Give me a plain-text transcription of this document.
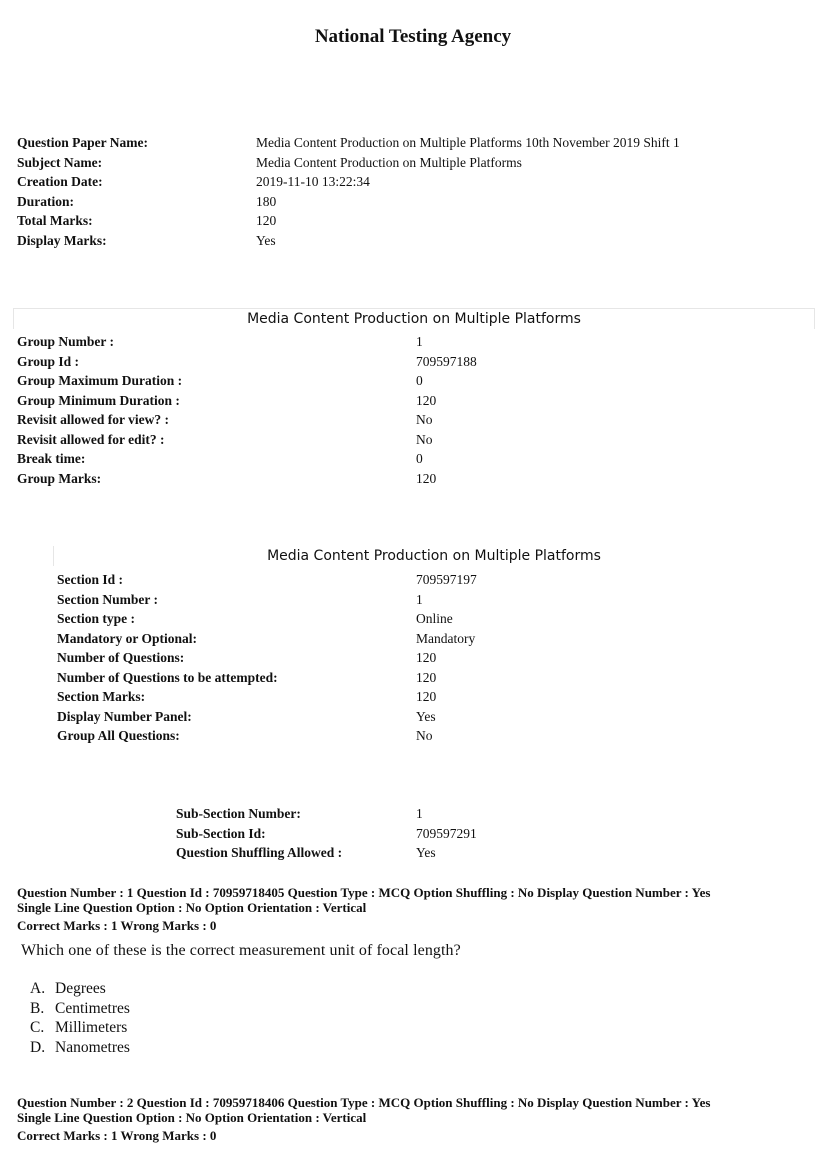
National Testing Agency
Question Paper Name:	Media Content Production on Multiple Platforms 10th November 2019 Shift 1
Subject Name:	Media Content Production on Multiple Platforms
Creation Date:	2019-11-10 13:22:34
Duration:	180
Total Marks:	120
Display Marks:	Yes
Media Content Production on Multiple Platforms
Group Number :	1
Group Id :	709597188
Group Maximum Duration :	0
Group Minimum Duration :	120
Revisit allowed for view? :	No
Revisit allowed for edit? :	No
Break time:	0
Group Marks:	120
Media Content Production on Multiple Platforms
Section Id :	709597197
Section Number :	1
Section type :	Online
Mandatory or Optional:	Mandatory
Number of Questions:	120
Number of Questions to be attempted:	120
Section Marks:	120
Display Number Panel:	Yes
Group All Questions:	No
Sub-Section Number:	1
Sub-Section Id:	709597291
Question Shuffling Allowed :	Yes
Question Number : 1 Question Id : 70959718405 Question Type : MCQ Option Shuffling : No Display Question Number : Yes
Single Line Question Option : No Option Orientation : Vertical
Correct Marks : 1 Wrong Marks : 0
Which one of these is the correct measurement unit of focal length?
A. Degrees
B. Centimetres
C. Millimeters
D. Nanometres
Question Number : 2 Question Id : 70959718406 Question Type : MCQ Option Shuffling : No Display Question Number : Yes
Single Line Question Option : No Option Orientation : Vertical
Correct Marks : 1 Wrong Marks : 0
